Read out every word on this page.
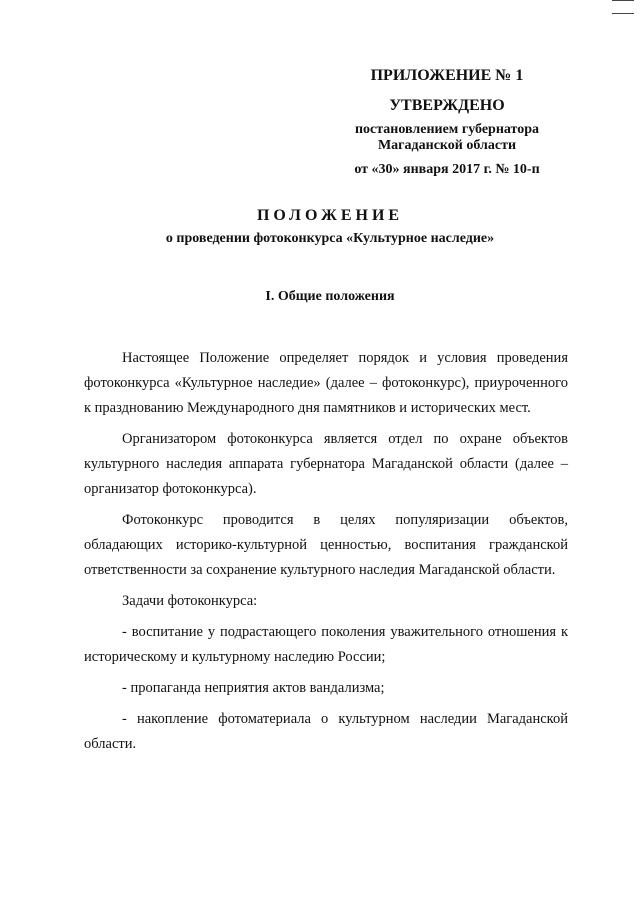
ПРИЛОЖЕНИЕ № 1
УТВЕРЖДЕНО
постановлением губернатора
Магаданской области
от «30» января 2017 г. № 10-п
ПОЛОЖЕНИЕ
о проведении фотоконкурса «Культурное наследие»
I. Общие положения

Настоящее Положение определяет порядок и условия проведения фотоконкурса «Культурное наследие» (далее – фотоконкурс), приуроченного к празднованию Международного дня памятников и исторических мест.

Организатором фотоконкурса является отдел по охране объектов культурного наследия аппарата губернатора Магаданской области (далее – организатор фотоконкурса).

Фотоконкурс проводится в целях популяризации объектов, обладающих историко-культурной ценностью, воспитания гражданской ответственности за сохранение культурного наследия Магаданской области.

Задачи фотоконкурса:

- воспитание у подрастающего поколения уважительного отношения к историческому и культурному наследию России;

- пропаганда неприятия актов вандализма;

- накопление фотоматериала о культурном наследии Магаданской области.
